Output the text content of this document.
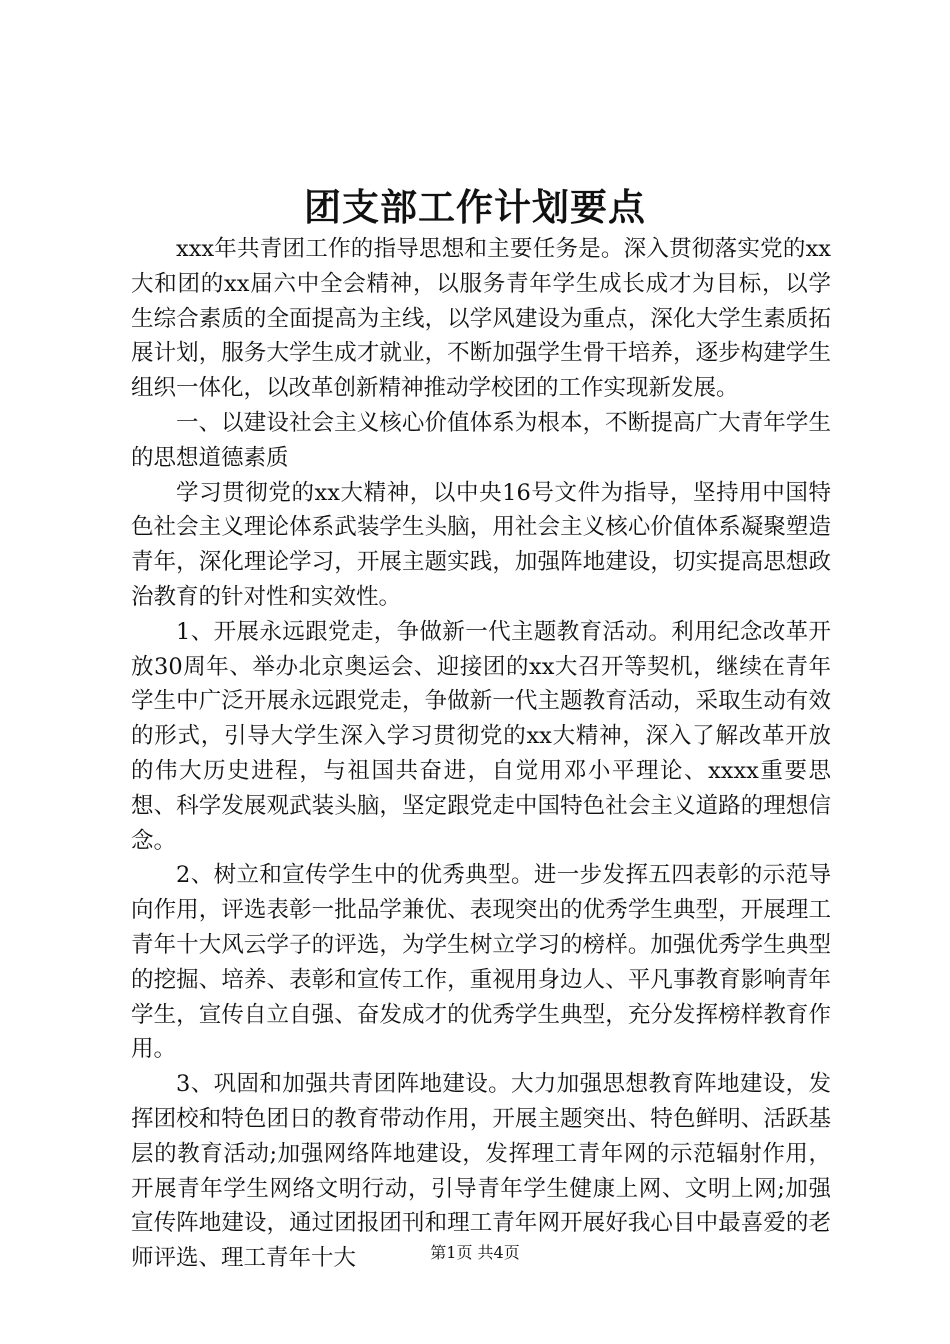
团支部工作计划要点

xxx年共青团工作的指导思想和主要任务是。深入贯彻落实党的xx大和团的xx届六中全会精神，以服务青年学生成长成才为目标，以学生综合素质的全面提高为主线，以学风建设为重点，深化大学生素质拓展计划，服务大学生成才就业，不断加强学生骨干培养，逐步构建学生组织一体化，以改革创新精神推动学校团的工作实现新发展。

一、以建设社会主义核心价值体系为根本，不断提高广大青年学生的思想道德素质

学习贯彻党的xx大精神，以中央16号文件为指导，坚持用中国特色社会主义理论体系武装学生头脑，用社会主义核心价值体系凝聚塑造青年，深化理论学习，开展主题实践，加强阵地建设，切实提高思想政治教育的针对性和实效性。

1、开展永远跟党走，争做新一代主题教育活动。利用纪念改革开放30周年、举办北京奥运会、迎接团的xx大召开等契机，继续在青年学生中广泛开展永远跟党走，争做新一代主题教育活动，采取生动有效的形式，引导大学生深入学习贯彻党的xx大精神，深入了解改革开放的伟大历史进程，与祖国共奋进，自觉用邓小平理论、xxxx重要思想、科学发展观武装头脑，坚定跟党走中国特色社会主义道路的理想信念。

2、树立和宣传学生中的优秀典型。进一步发挥五四表彰的示范导向作用，评选表彰一批品学兼优、表现突出的优秀学生典型，开展理工青年十大风云学子的评选，为学生树立学习的榜样。加强优秀学生典型的挖掘、培养、表彰和宣传工作，重视用身边人、平凡事教育影响青年学生，宣传自立自强、奋发成才的优秀学生典型，充分发挥榜样教育作用。

3、巩固和加强共青团阵地建设。大力加强思想教育阵地建设，发挥团校和特色团日的教育带动作用，开展主题突出、特色鲜明、活跃基层的教育活动;加强网络阵地建设，发挥理工青年网的示范辐射作用，开展青年学生网络文明行动，引导青年学生健康上网、文明上网;加强宣传阵地建设，通过团报团刊和理工青年网开展好我心目中最喜爱的老师评选、理工青年十大	第1页 共4页
